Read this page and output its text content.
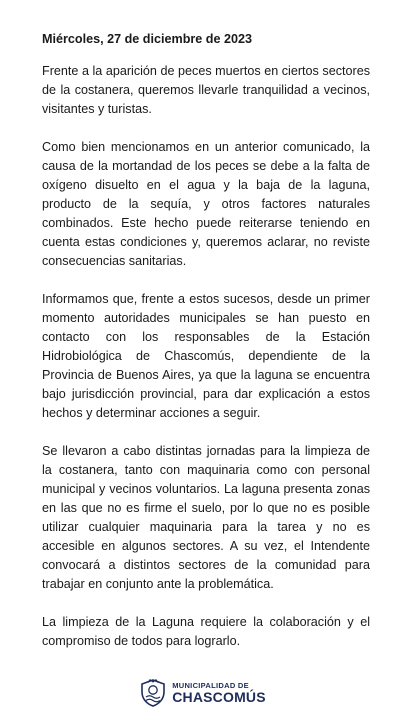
Miércoles, 27 de diciembre de 2023

Frente a la aparición de peces muertos en ciertos sectores de la costanera, queremos llevarle tranquilidad a vecinos, visitantes y turistas.

Como bien mencionamos en un anterior comunicado, la causa de la mortandad de los peces se debe a la falta de oxígeno disuelto en el agua y la baja de la laguna, producto de la sequía, y otros factores naturales combinados. Este hecho puede reiterarse teniendo en cuenta estas condiciones y, queremos aclarar, no reviste consecuencias sanitarias.

Informamos que, frente a estos sucesos, desde un primer momento autoridades municipales se han puesto en contacto con los responsables de la Estación Hidrobiológica de Chascomús, dependiente de la Provincia de Buenos Aires, ya que la laguna se encuentra bajo jurisdicción provincial, para dar explicación a estos hechos y determinar acciones a seguir.

Se llevaron a cabo distintas jornadas para la limpieza de la costanera, tanto con maquinaria como con personal municipal y vecinos voluntarios. La laguna presenta zonas en las que no es firme el suelo, por lo que no es posible utilizar cualquier maquinaria para la tarea y no es accesible en algunos sectores. A su vez, el Intendente convocará a distintos sectores de la comunidad para trabajar en conjunto ante la problemática.

La limpieza de la Laguna requiere la colaboración y el compromiso de todos para lograrlo.

MUNICIPALIDAD DE
CHASCOMÚS
